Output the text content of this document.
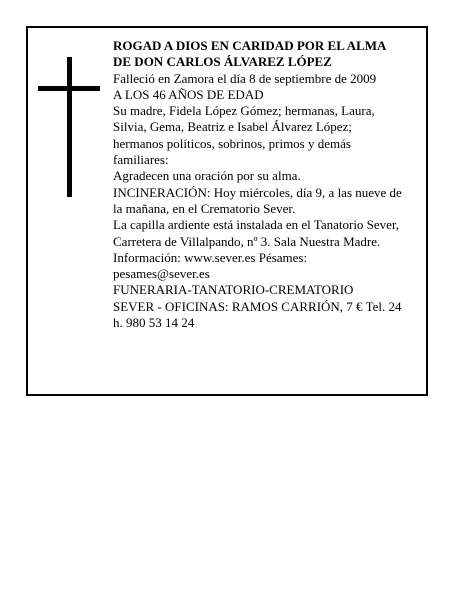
ROGAD A DIOS EN CARIDAD POR EL ALMA
DE DON CARLOS ÁLVAREZ LÓPEZ
Falleció en Zamora el día 8 de septiembre de 2009
A LOS 46 AÑOS DE EDAD
Su madre, Fidela López Gómez; hermanas, Laura,
Silvia, Gema, Beatriz e Isabel Álvarez López;
hermanos políticos, sobrinos, primos y demás
familiares:
Agradecen una oración por su alma.
INCINERACIÓN: Hoy miércoles, día 9, a las nueve de
la mañana, en el Crematorio Sever.
La capilla ardiente está instalada en el Tanatorio Sever,
Carretera de Villalpando, nº 3. Sala Nuestra Madre.
Información: www.sever.es Pésames:
pesames@sever.es
FUNERARIA-TANATORIO-CREMATORIO
SEVER - OFICINAS: RAMOS CARRIÓN, 7 € Tel. 24
h. 980 53 14 24
